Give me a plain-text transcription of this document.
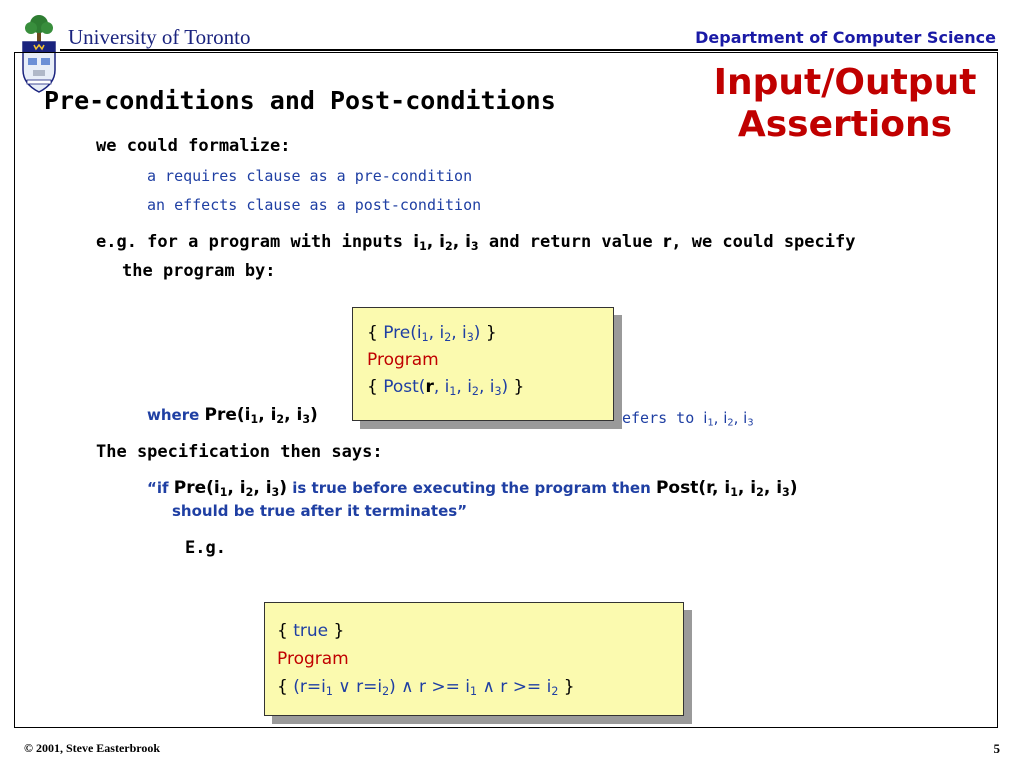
University of Toronto	Department of Computer Science
Input/Output
Assertions
Pre-conditions and Post-conditions
we could formalize:
a requires clause as a pre-condition
an effects clause as a post-condition
e.g. for a program with inputs $i_1$, $i_2$, $i_3$ and return value r, we could specify
the program by:
where $Pre(i_1$, $i_2$, $i_3$)	efers to $i_1$, $i_2$, $i_3$
{ $Pre(i_1$, $i_2$, $i_3$) }
Program
{ Post(r, $i_1$, $i_2$, $i_3$) }
The specification then says:
“if $Pre(i_1$, $i_2$, $i_3$) is true before executing the program then Post(r, $i_1$, $i_2$, $i_3$)
should be true after it terminates”
E.g.
{ true }
Program
{ ($r=i_1$ ∨ $r=i_2$) ∧ $r >= i_1$ ∧ $r >= i_2$ }
© 2001, Steve Easterbrook	5
